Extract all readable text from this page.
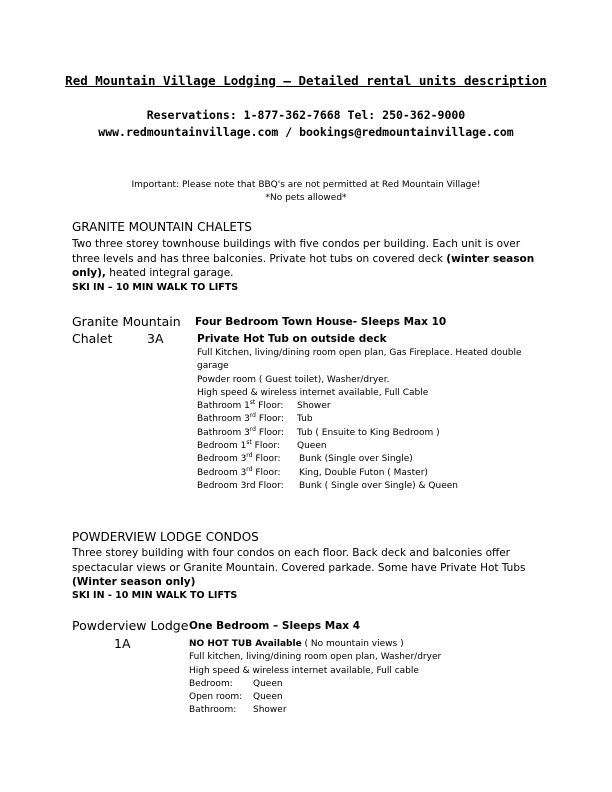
Red Mountain Village Lodging – Detailed rental units description
Reservations: 1-877-362-7668 Tel: 250-362-9000
www.redmountainvillage.com / bookings@redmountainvillage.com
Important: Please note that BBQ's are not permitted at Red Mountain Village!
*No pets allowed*
GRANITE MOUNTAIN CHALETS
Two three storey townhouse buildings with five condos per building. Each unit is over three levels and has three balconies. Private hot tubs on covered deck (winter season only), heated integral garage.
SKI IN – 10 MIN WALK TO LIFTS
Granite Mountain
Chalet	3A
Four Bedroom Town House- Sleeps Max 10
Private Hot Tub on outside deck
Full Kitchen, living/dining room open plan, Gas Fireplace. Heated double garage
Powder room ( Guest toilet), Washer/dryer.
High speed & wireless internet available, Full Cable
Bathroom 1st Floor: Shower
Bathroom 3rd Floor: Tub
Bathroom 3rd Floor: Tub ( Ensuite to King Bedroom )
Bedroom 1st Floor: Queen
Bedroom 3rd Floor: Bunk (Single over Single)
Bedroom 3rd Floor: King, Double Futon ( Master)
Bedroom 3rd Floor: Bunk ( Single over Single) & Queen
POWDERVIEW LODGE CONDOS
Three storey building with four condos on each floor. Back deck and balconies offer spectacular views or Granite Mountain. Covered parkade. Some have Private Hot Tubs (Winter season only)
SKI IN - 10 MIN WALK TO LIFTS
Powderview Lodge
1A
One Bedroom – Sleeps Max 4
NO HOT TUB Available ( No mountain views )
Full kitchen, living/dining room open plan, Washer/dryer
High speed & wireless internet available, Full cable
Bedroom: Queen
Open room: Queen
Bathroom: Shower
